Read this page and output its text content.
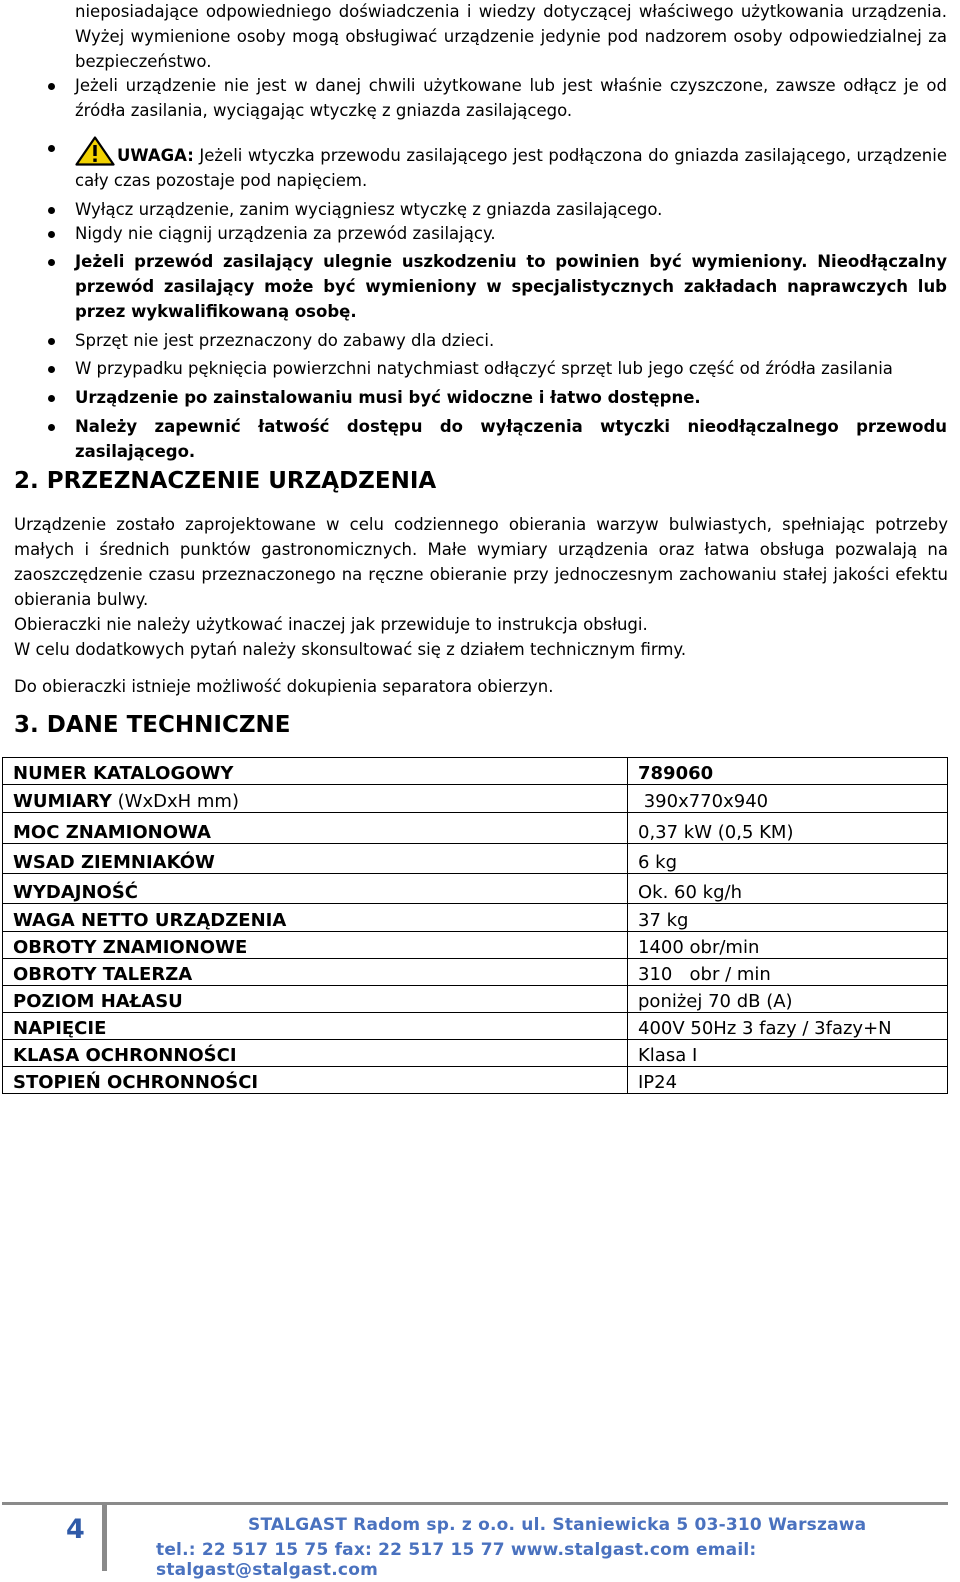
nieposiadające odpowiedniego doświadczenia i wiedzy dotyczącej właściwego użytkowania urządzenia. Wyżej wymienione osoby mogą obsługiwać urządzenie jedynie pod nadzorem osoby odpowiedzialnej za bezpieczeństwo.

Jeżeli urządzenie nie jest w danej chwili użytkowane lub jest właśnie czyszczone, zawsze odłącz je od źródła zasilania, wyciągając wtyczkę z gniazda zasilającego.
UWAGA: Jeżeli wtyczka przewodu zasilającego jest podłączona do gniazda zasilającego, urządzenie cały czas pozostaje pod napięciem.
Wyłącz urządzenie, zanim wyciągniesz wtyczkę z gniazda zasilającego.
Nigdy nie ciągnij urządzenia za przewód zasilający.
Jeżeli przewód zasilający ulegnie uszkodzeniu to powinien być wymieniony. Nieodłączalny przewód zasilający może być wymieniony w specjalistycznych zakładach naprawczych lub przez wykwalifikowaną osobę.
Sprzęt nie jest przeznaczony do zabawy dla dzieci.
W przypadku pęknięcia powierzchni natychmiast odłączyć sprzęt lub jego część od źródła zasilania
Urządzenie po zainstalowaniu musi być widoczne i łatwo dostępne.
Należy zapewnić łatwość dostępu do wyłączenia wtyczki nieodłączalnego przewodu zasilającego.
2. PRZEZNACZENIE URZĄDZENIA

Urządzenie zostało zaprojektowane w celu codziennego obierania warzyw bulwiastych, spełniając potrzeby małych i średnich punktów gastronomicznych. Małe wymiary urządzenia oraz łatwa obsługa pozwalają na zaoszczędzenie czasu przeznaczonego na ręczne obieranie przy jednoczesnym zachowaniu stałej jakości efektu obierania bulwy.

Obieraczki nie należy użytkować inaczej jak przewiduje to instrukcja obsługi.

W celu dodatkowych pytań należy skonsultować się z działem technicznym firmy.

Do obieraczki istnieje możliwość dokupienia separatora obierzyn.

3. DANE TECHNICZNE
NUMER KATALOGOWY	789060
WUMIARY (WxDxH mm)	390x770x940
MOC ZNAMIONOWA	0,37 kW (0,5 KM)
WSAD ZIEMNIAKÓW	6 kg
WYDAJNOŚĆ	Ok. 60 kg/h
WAGA NETTO URZĄDZENIA	37 kg
OBROTY ZNAMIONOWE	1400 obr/min
OBROTY TALERZA	310   obr / min
POZIOM HAŁASU	poniżej 70 dB (A)
NAPIĘCIE	400V 50Hz 3 fazy / 3fazy+N
KLASA OCHRONNOŚCI	Klasa I
STOPIEŃ OCHRONNOŚCI	IP24
4	STALGAST Radom sp. z o.o. ul. Staniewicka 5 03-310 Warszawa
tel.: 22 517 15 75 fax: 22 517 15 77 www.stalgast.com email: stalgast@stalgast.com
